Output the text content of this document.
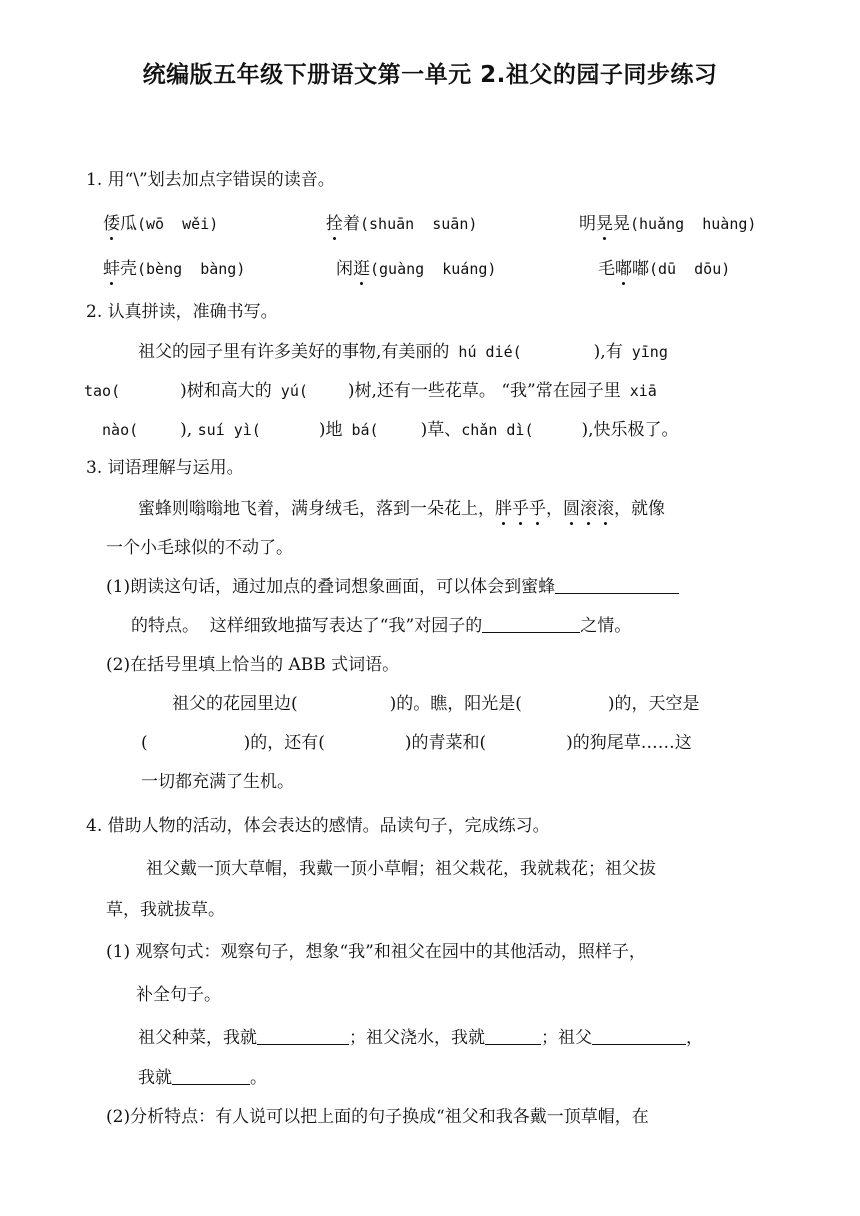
统编版五年级下册语文第一单元 2.祖父的园子同步练习
1. 用“\”划去加点字错误的读音。
倭瓜(wō  wěi)	拴着(shuān  suān)	明晃晃(huǎng  huàng)
蚌壳(bèng  bàng)	闲逛(guàng  kuáng)	毛嘟嘟(dū  dōu)
2. 认真拼读，准确书写。
祖父的园子里有许多美好的事物,有美丽的 hú dié(	),有 yīng
tao(	)树和高大的 yú( )树,还有一些花草。 “我”常在园子里 xiā
nào( ), suí yì(	)地 bá( )草、chǎn dì(	),快乐极了。
3. 词语理解与运用。
蜜蜂则嗡嗡地飞着，满身绒毛，落到一朵花上，胖乎乎，圆滚滚，就像
一个小毛球似的不动了。
(1)朗读这句话，通过加点的叠词想象画面，可以体会到蜜蜂
的特点。  这样细致地描写表达了“我”对园子的	之情。
(2)在括号里填上恰当的 ABB 式词语。
祖父的花园里边(	)的。瞧，阳光是(	)的，天空是
(	)的，还有(	)的青菜和(	)的狗尾草……这
一切都充满了生机。
4. 借助人物的活动，体会表达的感情。品读句子，完成练习。
祖父戴一顶大草帽，我戴一顶小草帽；祖父栽花，我就栽花；祖父拔
草，我就拔草。
(1) 观察句式：观察句子，想象“我”和祖父在园中的其他活动，照样子，
补全句子。
祖父种菜，我就	；祖父浇水，我就	；祖父	，
我就	。
(2)分析特点：有人说可以把上面的句子换成“祖父和我各戴一顶草帽，在
